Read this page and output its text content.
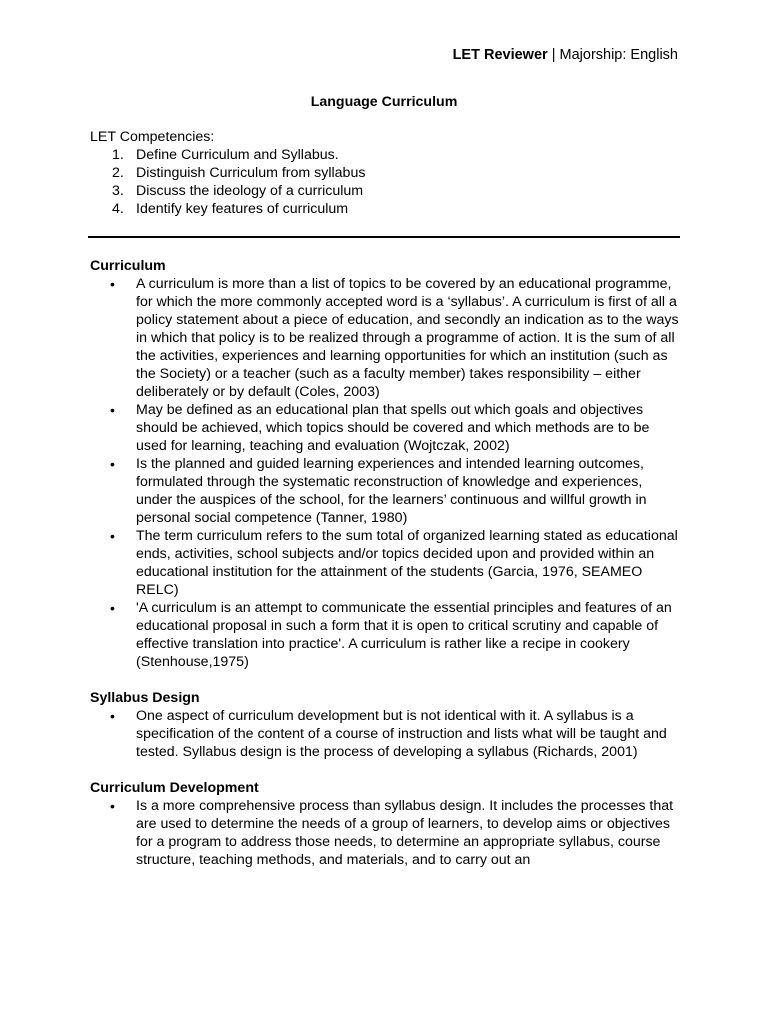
LET Reviewer | Majorship: English
Language Curriculum
LET Competencies:
1. Define Curriculum and Syllabus.
2. Distinguish Curriculum from syllabus
3. Discuss the ideology of a curriculum
4. Identify key features of curriculum
Curriculum
• A curriculum is more than a list of topics to be covered by an educational programme, for which the more commonly accepted word is a ‘syllabus’. A curriculum is first of all a policy statement about a piece of education, and secondly an indication as to the ways in which that policy is to be realized through a programme of action. It is the sum of all the activities, experiences and learning opportunities for which an institution (such as the Society) or a teacher (such as a faculty member) takes responsibility – either deliberately or by default (Coles, 2003)
• May be defined as an educational plan that spells out which goals and objectives should be achieved, which topics should be covered and which methods are to be used for learning, teaching and evaluation (Wojtczak, 2002)
• Is the planned and guided learning experiences and intended learning outcomes, formulated through the systematic reconstruction of knowledge and experiences, under the auspices of the school, for the learners’ continuous and willful growth in personal social competence (Tanner, 1980)
• The term curriculum refers to the sum total of organized learning stated as educational ends, activities, school subjects and/or topics decided upon and provided within an educational institution for the attainment of the students (Garcia, 1976, SEAMEO RELC)
• 'A curriculum is an attempt to communicate the essential principles and features of an educational proposal in such a form that it is open to critical scrutiny and capable of effective translation into practice'. A curriculum is rather like a recipe in cookery (Stenhouse,1975)
Syllabus Design
• One aspect of curriculum development but is not identical with it. A syllabus is a specification of the content of a course of instruction and lists what will be taught and tested. Syllabus design is the process of developing a syllabus (Richards, 2001)
Curriculum Development
• Is a more comprehensive process than syllabus design. It includes the processes that are used to determine the needs of a group of learners, to develop aims or objectives for a program to address those needs, to determine an appropriate syllabus, course structure, teaching methods, and materials, and to carry out an
